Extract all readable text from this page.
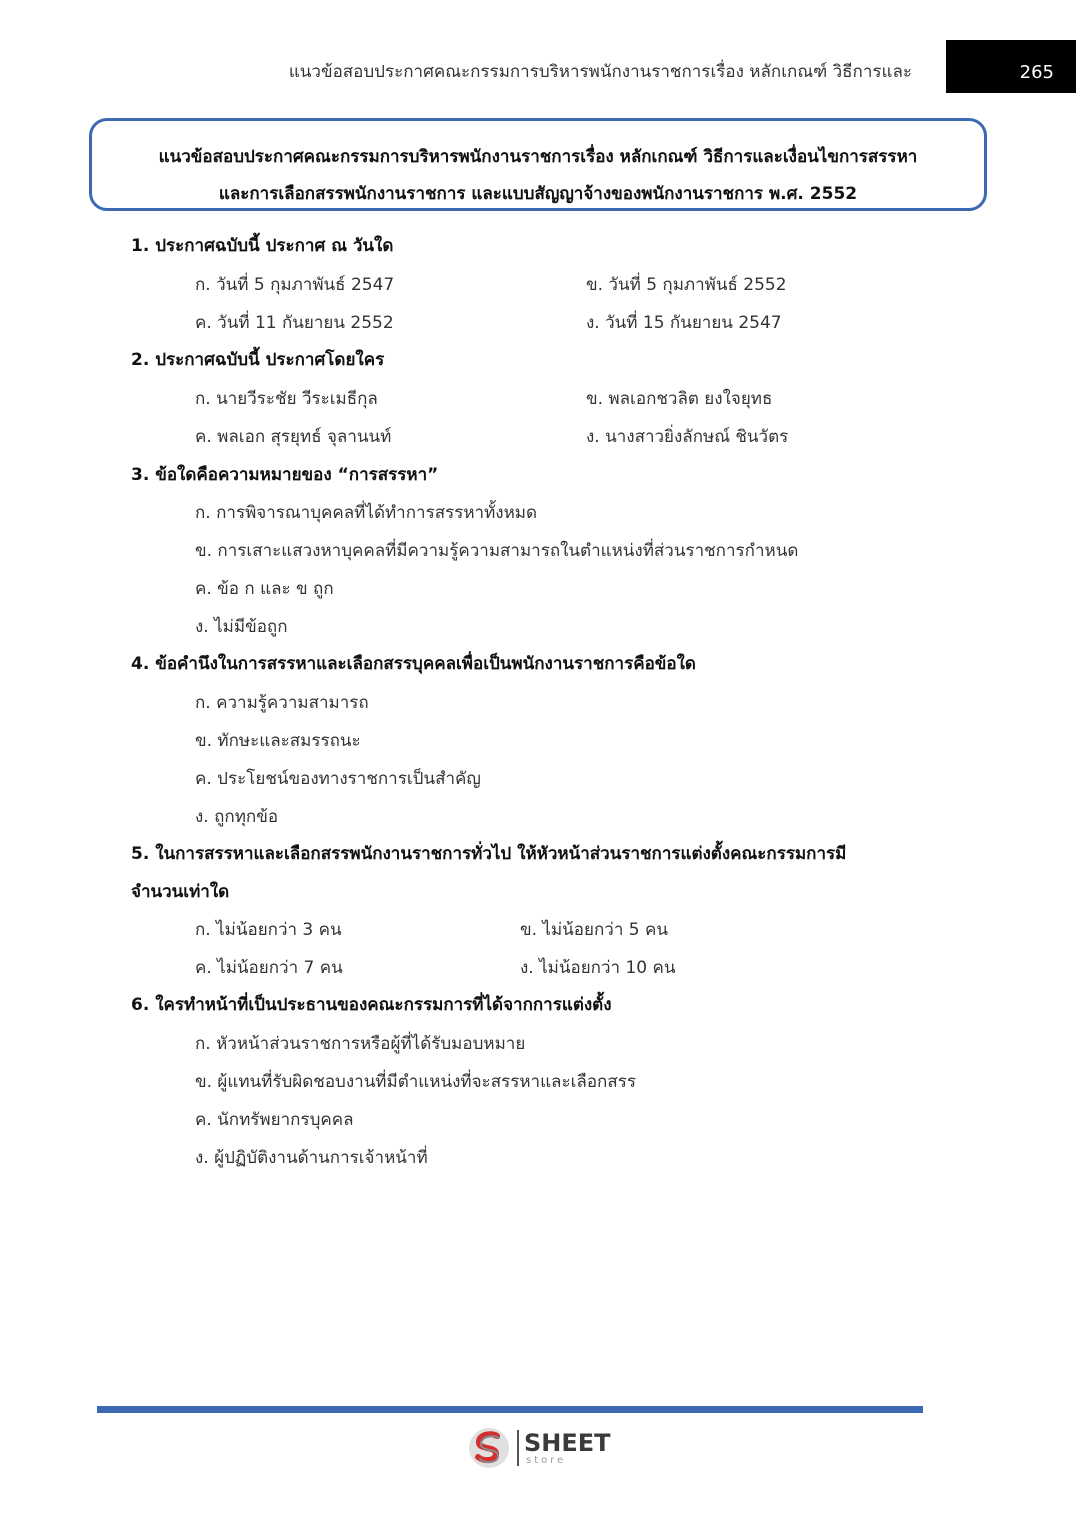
แนวข้อสอบประกาศคณะกรรมการบริหารพนักงานราชการเรื่อง หลักเกณฑ์ วิธีการและ	265
แนวข้อสอบประกาศคณะกรรมการบริหารพนักงานราชการเรื่อง หลักเกณฑ์ วิธีการและเงื่อนไขการสรรหา
และการเลือกสรรพนักงานราชการ และแบบสัญญาจ้างของพนักงานราชการ พ.ศ. 2552
1. ประกาศฉบับนี้ ประกาศ ณ วันใด
ก. วันที่ 5 กุมภาพันธ์ 2547	ข. วันที่ 5 กุมภาพันธ์ 2552
ค. วันที่ 11 กันยายน 2552	ง. วันที่ 15 กันยายน 2547
2. ประกาศฉบับนี้ ประกาศโดยใคร
ก. นายวีระชัย วีระเมธีกุล	ข. พลเอกชวลิต ยงใจยุทธ
ค. พลเอก สุรยุทธ์ จุลานนท์	ง. นางสาวยิ่งลักษณ์ ชินวัตร
3. ข้อใดคือความหมายของ “การสรรหา”
ก. การพิจารณาบุคคลที่ได้ทำการสรรหาทั้งหมด
ข. การเสาะแสวงหาบุคคลที่มีความรู้ความสามารถในตำแหน่งที่ส่วนราชการกำหนด
ค. ข้อ ก และ ข ถูก
ง. ไม่มีข้อถูก
4. ข้อคำนึงในการสรรหาและเลือกสรรบุคคลเพื่อเป็นพนักงานราชการคือข้อใด
ก. ความรู้ความสามารถ
ข. ทักษะและสมรรถนะ
ค. ประโยชน์ของทางราชการเป็นสำคัญ
ง. ถูกทุกข้อ
5. ในการสรรหาและเลือกสรรพนักงานราชการทั่วไป ให้หัวหน้าส่วนราชการแต่งตั้งคณะกรรมการมี
จำนวนเท่าใด
ก. ไม่น้อยกว่า 3 คน	ข. ไม่น้อยกว่า 5 คน
ค. ไม่น้อยกว่า 7 คน	ง. ไม่น้อยกว่า 10 คน
6. ใครทำหน้าที่เป็นประธานของคณะกรรมการที่ได้จากการแต่งตั้ง
ก. หัวหน้าส่วนราชการหรือผู้ที่ได้รับมอบหมาย
ข. ผู้แทนที่รับผิดชอบงานที่มีตำแหน่งที่จะสรรหาและเลือกสรร
ค. นักทรัพยากรบุคคล
ง. ผู้ปฏิบัติงานด้านการเจ้าหน้าที่
SHEET
store
